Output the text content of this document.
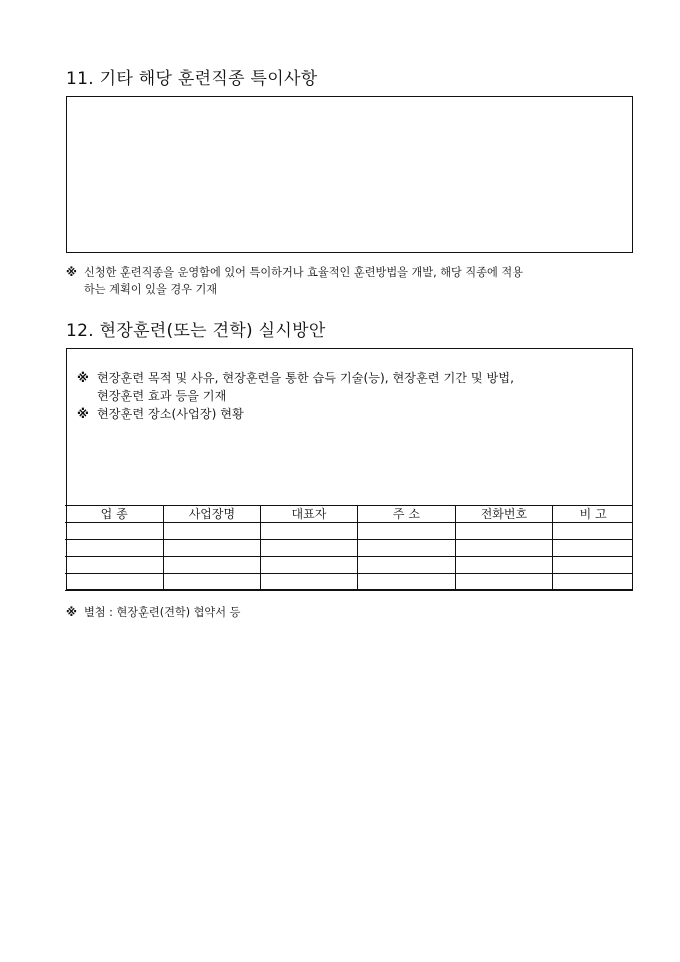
11. 기타 해당 훈련직종 특이사항
※ 신청한 훈련직종을 운영함에 있어 특이하거나 효율적인 훈련방법을 개발, 해당 직종에 적용
하는 계획이 있을 경우 기재
12. 현장훈련(또는 견학) 실시방안
※ 현장훈련 목적 및 사유, 현장훈련을 통한 습득 기술(능), 현장훈련 기간 및 방법,
현장훈련 효과 등을 기재
※ 현장훈련 장소(사업장) 현황
업 종	사업장명	대표자	주 소	전화번호	비 고

※ 별첨 : 현장훈련(견학) 협약서 등
